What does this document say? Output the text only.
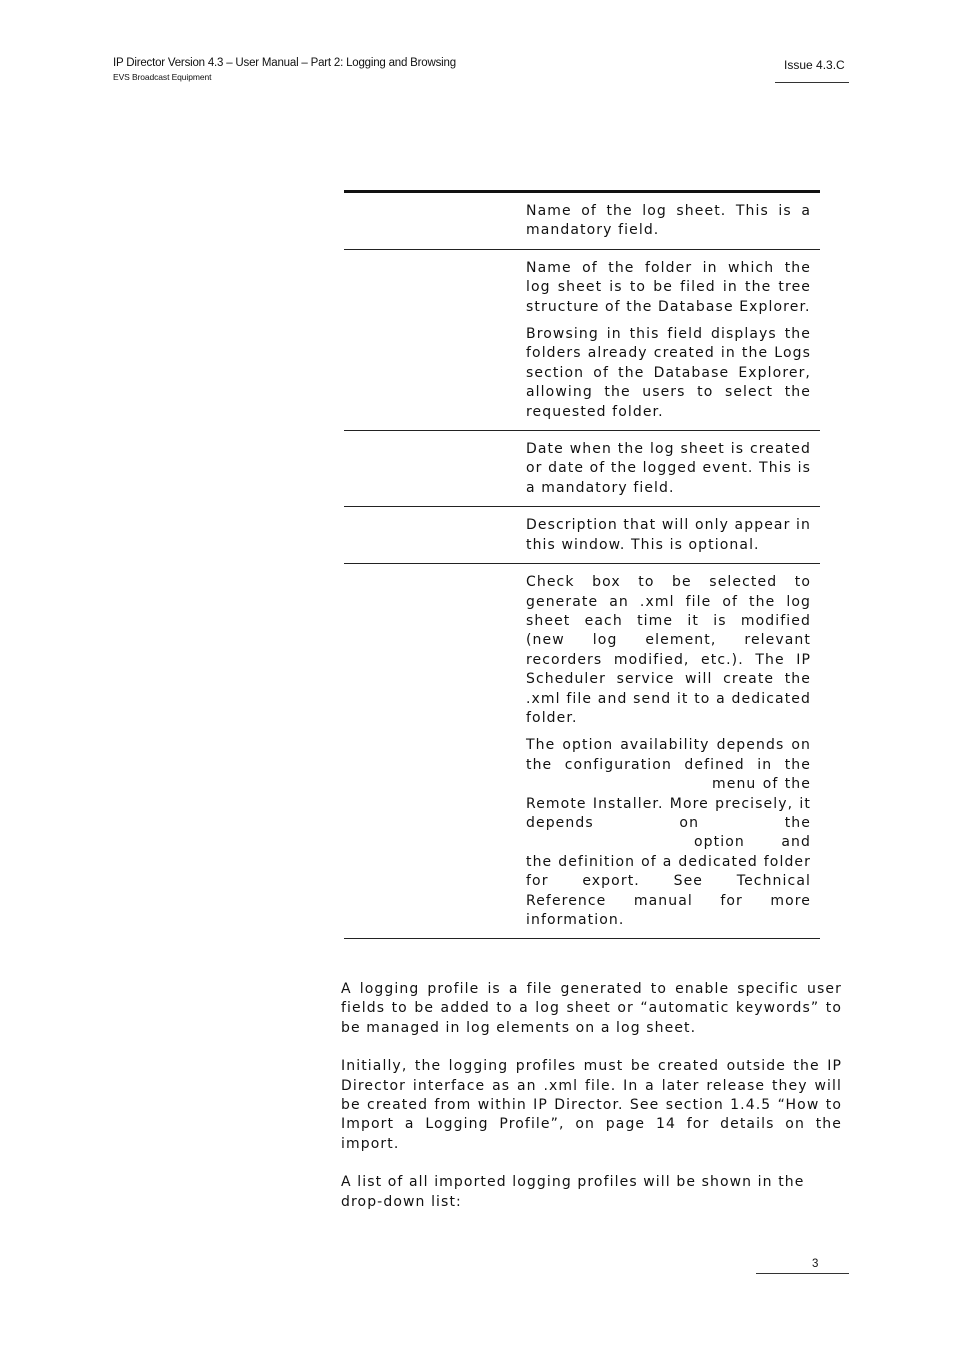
IP Director Version 4.3 – User Manual – Part 2: Logging and Browsing
EVS Broadcast Equipment
Issue 4.3.C

Name of the log sheet. This is a mandatory field.

Name of the folder in which the log sheet is to be filed in the tree structure of the Database Explorer.

Browsing in this field displays the folders already created in the Logs section of the Database Explorer, allowing the users to select the requested folder.

Date when the log sheet is created or date of the logged event. This is a mandatory field.

Description that will only appear in this window. This is optional.

Check box to be selected to generate an .xml file of the log sheet each time it is modified (new log element, relevant recorders modified, etc.). The IP Scheduler service will create the .xml file and send it to a dedicated folder.

The option availability depends on the configuration defined in the menu of the Remote Installer. More precisely, it depends on the option and the definition of a dedicated folder for export. See Technical Reference manual for more information.

A logging profile is a file generated to enable specific user fields to be added to a log sheet or “automatic keywords” to be managed in log elements on a log sheet.

Initially, the logging profiles must be created outside the IP Director interface as an .xml file. In a later release they will be created from within IP Director. See section 1.4.5 “How to Import a Logging Profile”, on page 14 for details on the import.

A list of all imported logging profiles will be shown in the
drop-down list:

3
